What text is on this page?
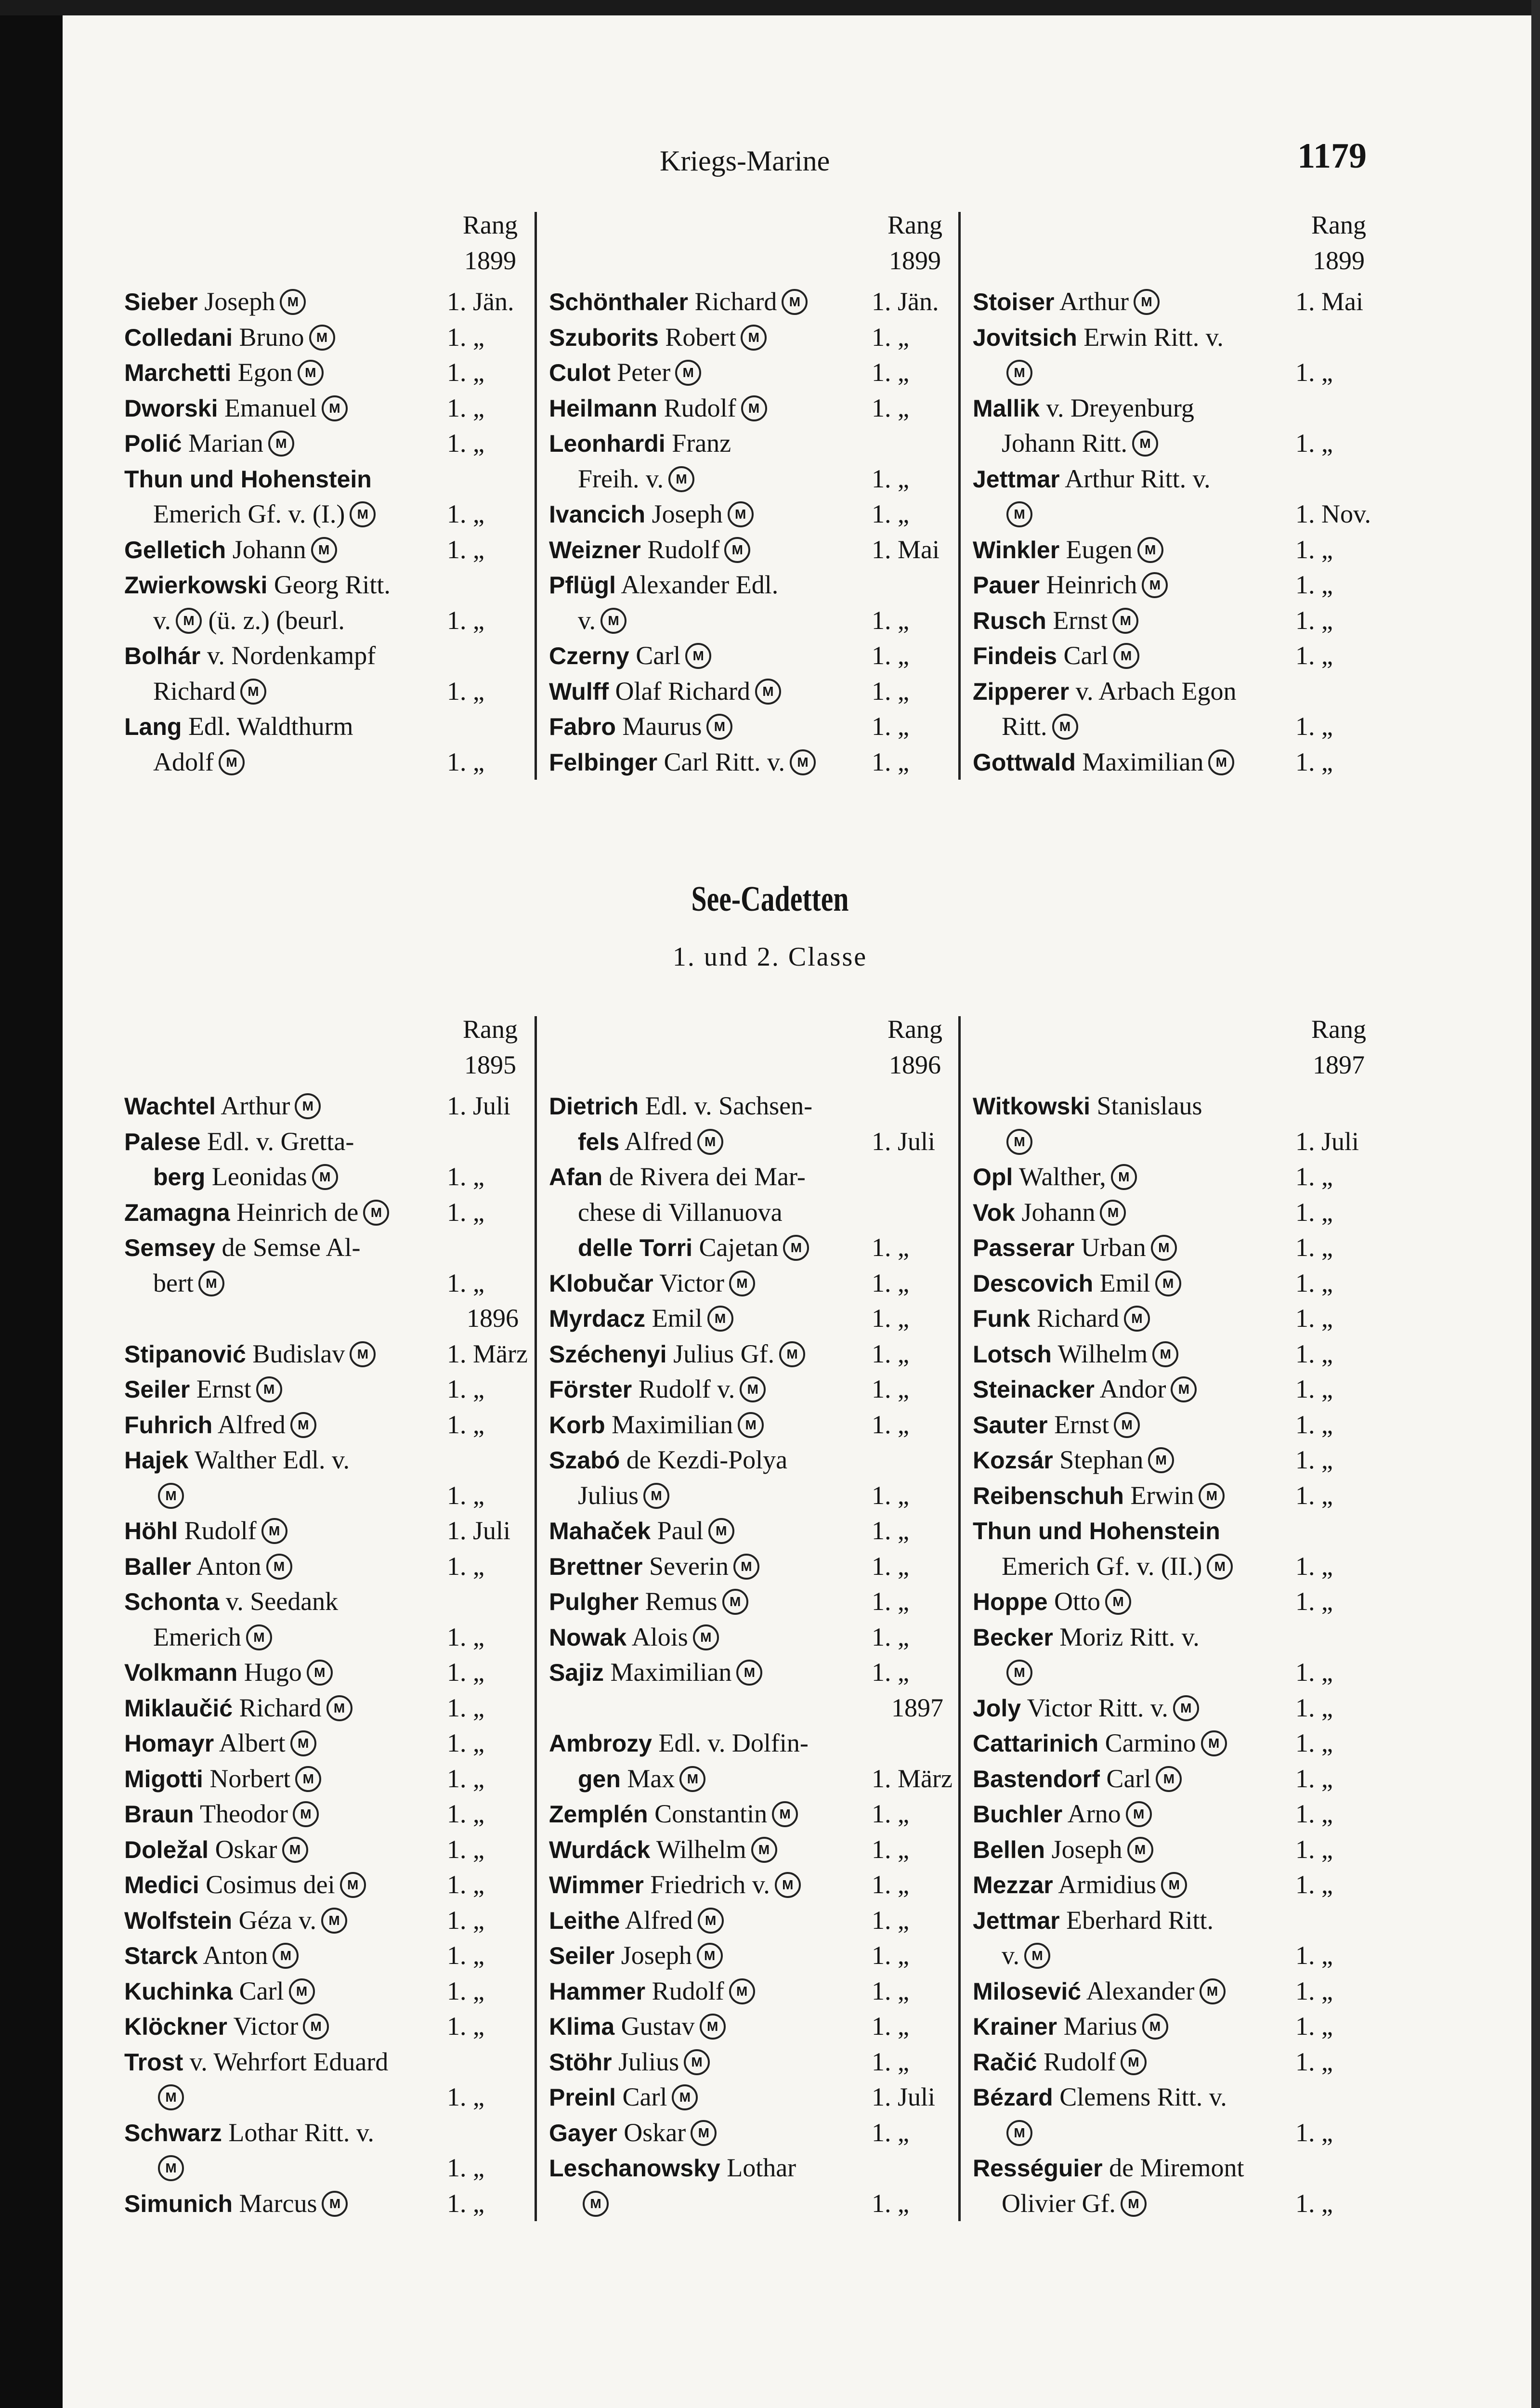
Kriegs-Marine	1179
Rang
1899
Sieber Joseph M	1. Jän.
Colledani Bruno M	1. „
Marchetti Egon M	1. „
Dworski Emanuel M	1. „
Polić Marian M	1. „
Thun und Hohenstein
Emerich Gf. v. (I.) M	1. „
Gelletich Johann M	1. „
Zwierkowski Georg Ritt.
v. M (ü. z.) (beurl.	1. „
Bolhár v. Nordenkampf
Richard M	1. „
Lang Edl. Waldthurm
Adolf M	1. „
Rang
1899
Schönthaler Richard M	1. Jän.
Szuborits Robert M	1. „
Culot Peter M	1. „
Heilmann Rudolf M	1. „
Leonhardi Franz
Freih. v. M	1. „
Ivancich Joseph M	1. „
Weizner Rudolf M	1. Mai
Pflügl Alexander Edl.
v. M	1. „
Czerny Carl M	1. „
Wulff Olaf Richard M	1. „
Fabro Maurus M	1. „
Felbinger Carl Ritt. v. M 1. „
Rang
1899
Stoiser Arthur M	1. Mai
Jovitsich Erwin Ritt. v.
M	1. „
Mallik v. Dreyenburg
Johann Ritt. M	1. „
Jettmar Arthur Ritt. v.
M	1. Nov.
Winkler Eugen M	1. „
Pauer Heinrich M	1. „
Rusch Ernst M	1. „
Findeis Carl M	1. „
Zipperer v. Arbach Egon
Ritt. M	1. „
Gottwald Maximilian M	1. „
See-Cadetten
1. und 2. Classe
Rang
1895
Wachtel Arthur M	1. Juli
Palese Edl. v. Gretta-
berg Leonidas M	1. „
Zamagna Heinrich de M 1. „
Semsey de Semse Al-
bert M	1. „
1896
Stipanović Budislav M	1. März
Seiler Ernst M	1. „
Fuhrich Alfred M	1. „
Hajek Walther Edl. v.
M	1. „
Höhl Rudolf M	1. Juli
Baller Anton M	1. „
Schonta v. Seedank
Emerich M	1. „
Volkmann Hugo M	1. „
Miklaučić Richard M	1. „
Homayr Albert M	1. „
Migotti Norbert M	1. „
Braun Theodor M	1. „
Doležal Oskar M	1. „
Medici Cosimus dei M	1. „
Wolfstein Géza v. M	1. „
Starck Anton M	1. „
Kuchinka Carl M	1. „
Klöckner Victor M	1. „
Trost v. Wehrfort Eduard
M	1. „
Schwarz Lothar Ritt. v.
M	1. „
Simunich Marcus M	1. „
Rang
1896
Dietrich Edl. v. Sachsen-
fels Alfred M	1. Juli
Afan de Rivera dei Mar-
chese di Villanuova
delle Torri Cajetan M	1. „
Klobučar Victor M	1. „
Myrdacz Emil M	1. „
Széchenyi Julius Gf. M	1. „
Förster Rudolf v. M	1. „
Korb Maximilian M	1. „
Szabó de Kezdi-Polya
Julius M	1. „
Mahaček Paul M	1. „
Brettner Severin M	1. „
Pulgher Remus M	1. „
Nowak Alois M	1. „
Sajiz Maximilian M	1. „
1897
Ambrozy Edl. v. Dolfin-
gen Max M	1. März
Zemplén Constantin M	1. „
Wurdáck Wilhelm M	1. „
Wimmer Friedrich v. M	1. „
Leithe Alfred M	1. „
Seiler Joseph M	1. „
Hammer Rudolf M	1. „
Klima Gustav M	1. „
Stöhr Julius M	1. „
Preinl Carl M	1. Juli
Gayer Oskar M	1. „
Leschanowsky Lothar
M	1. „
Rang
1897
Witkowski Stanislaus
M	1. Juli
Opl Walther, M	1. „
Vok Johann M	1. „
Passerar Urban M	1. „
Descovich Emil M	1. „
Funk Richard M	1. „
Lotsch Wilhelm M	1. „
Steinacker Andor M	1. „
Sauter Ernst M	1. „
Kozsár Stephan M	1. „
Reibenschuh Erwin M	1. „
Thun und Hohenstein
Emerich Gf. v. (II.) M	1. „
Hoppe Otto M	1. „
Becker Moriz Ritt. v.
M	1. „
Joly Victor Ritt. v. M	1. „
Cattarinich Carmino M	1. „
Bastendorf Carl M	1. „
Buchler Arno M	1. „
Bellen Joseph M	1. „
Mezzar Armidius M	1. „
Jettmar Eberhard Ritt.
v. M	1. „
Milosević Alexander M	1. „
Krainer Marius M	1. „
Račić Rudolf M	1. „
Bézard Clemens Ritt. v.
M	1. „
Rességuier de Miremont
Olivier Gf. M	1. „
